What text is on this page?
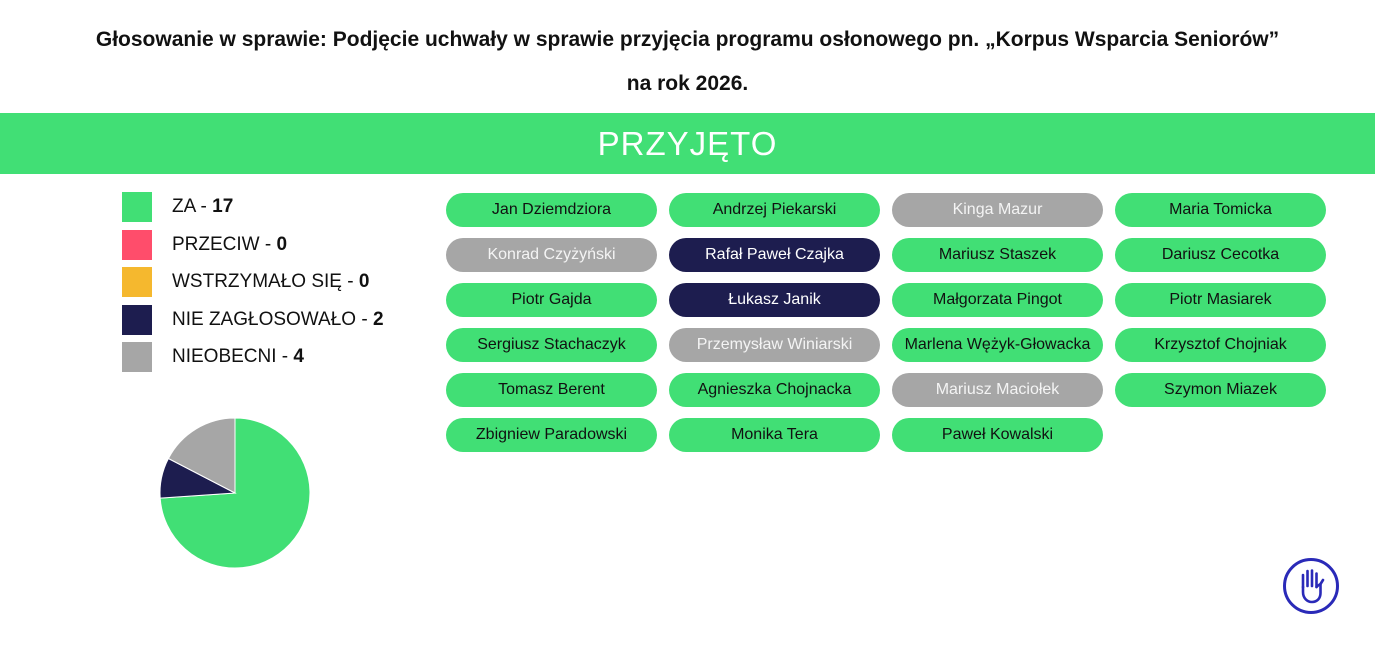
Głosowanie w sprawie: Podjęcie uchwały w sprawie przyjęcia programu osłonowego pn. „Korpus Wsparcia Seniorów”
na rok 2026.
PRZYJĘTO
ZA - 17
PRZECIW - 0
WSTRZYMAŁO SIĘ - 0
NIE ZAGŁOSOWAŁO - 2
NIEOBECNI - 4
Jan Dziemdziora	Andrzej Piekarski	Kinga Mazur	Maria Tomicka
Konrad Czyżyński	Rafał Paweł Czajka	Mariusz Staszek	Dariusz Cecotka
Piotr Gajda	Łukasz Janik	Małgorzata Pingot	Piotr Masiarek
Sergiusz Stachaczyk	Przemysław Winiarski	Marlena Wężyk-Głowacka	Krzysztof Chojniak
Tomasz Berent	Agnieszka Chojnacka	Mariusz Maciołek	Szymon Miazek
Zbigniew Paradowski	Monika Tera	Paweł Kowalski
